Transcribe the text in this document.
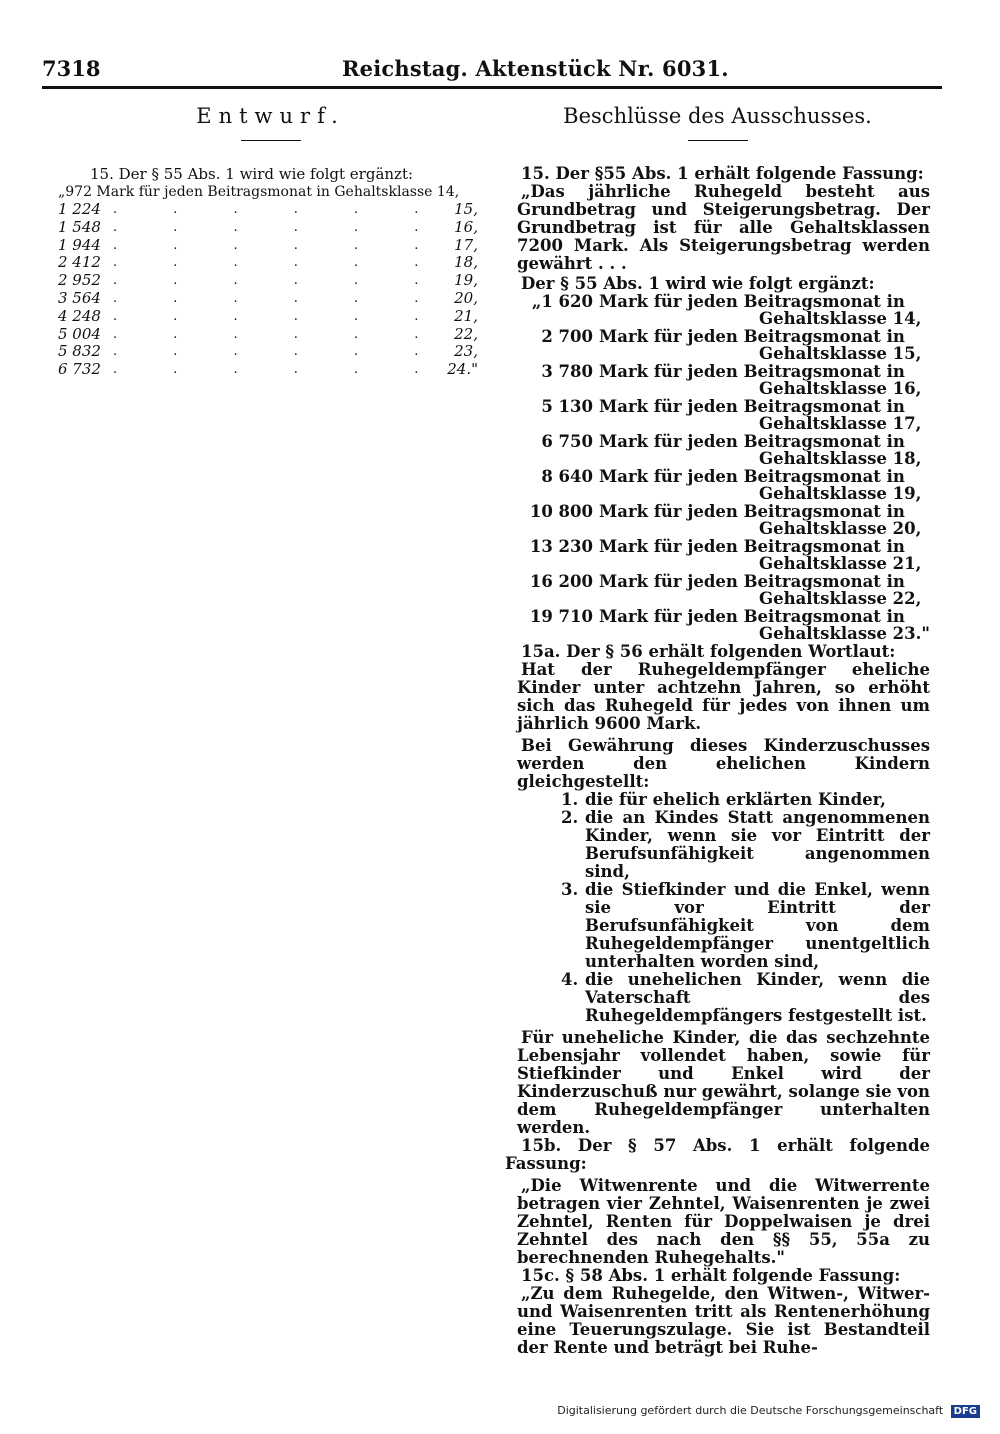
7318	Reichstag. Aktenstück Nr. 6031.
Entwurf.
15. Der § 55 Abs. 1 wird wie folgt ergänzt:
„972 Mark für jeden Beitragsmonat in Gehaltsklasse 14,
1 224	. . . . . .	15,
1 548	. . . . . .	16,
1 944	. . . . . .	17,
2 412	. . . . . .	18,
2 952	. . . . . .	19,
3 564	. . . . . .	20,
4 248	. . . . . .	21,
5 004	. . . . . .	22,
5 832	. . . . . .	23,
6 732	. . . . . .	24."
Beschlüsse des Ausschusses.

15. Der §55 Abs. 1 erhält folgende Fassung:

„Das jährliche Ruhegeld besteht aus Grundbetrag und Steigerungsbetrag. Der Grundbetrag ist für alle Gehaltsklassen 7200 Mark. Als Steigerungsbetrag werden gewährt . . .

Der § 55 Abs. 1 wird wie folgt ergänzt:

„1 620 Mark für jeden Beitragsmonat in
Gehaltsklasse 14,
2 700 Mark für jeden Beitragsmonat in
Gehaltsklasse 15,
3 780 Mark für jeden Beitragsmonat in
Gehaltsklasse 16,
5 130 Mark für jeden Beitragsmonat in
Gehaltsklasse 17,
6 750 Mark für jeden Beitragsmonat in
Gehaltsklasse 18,
8 640 Mark für jeden Beitragsmonat in
Gehaltsklasse 19,
10 800 Mark für jeden Beitragsmonat in
Gehaltsklasse 20,
13 230 Mark für jeden Beitragsmonat in
Gehaltsklasse 21,
16 200 Mark für jeden Beitragsmonat in
Gehaltsklasse 22,
19 710 Mark für jeden Beitragsmonat in
Gehaltsklasse 23."

15a. Der § 56 erhält folgenden Wortlaut:

Hat der Ruhegeldempfänger eheliche Kinder unter achtzehn Jahren, so erhöht sich das Ruhegeld für jedes von ihnen um jährlich 9600 Mark.

Bei Gewährung dieses Kinderzuschusses werden den ehelichen Kindern gleichgestellt:

1. die für ehelich erklärten Kinder,
2. die an Kindes Statt angenommenen Kinder, wenn sie vor Eintritt der Berufsunfähigkeit angenommen sind,
3. die Stiefkinder und die Enkel, wenn sie vor Eintritt der Berufsunfähigkeit von dem Ruhegeldempfänger unentgeltlich unterhalten worden sind,
4. die unehelichen Kinder, wenn die Vaterschaft des Ruhegeldempfängers festgestellt ist.

Für uneheliche Kinder, die das sechzehnte Lebensjahr vollendet haben, sowie für Stiefkinder und Enkel wird der Kinderzuschuß nur gewährt, solange sie von dem Ruhegeldempfänger unterhalten werden.

15b. Der § 57 Abs. 1 erhält folgende Fassung:

„Die Witwenrente und die Witwerrente betragen vier Zehntel, Waisenrenten je zwei Zehntel, Renten für Doppelwaisen je drei Zehntel des nach den §§ 55, 55a zu berechnenden Ruhegehalts."

15c. § 58 Abs. 1 erhält folgende Fassung:

„Zu dem Ruhegelde, den Witwen-, Witwer- und Waisenrenten tritt als Rentenerhöhung eine Teuerungszulage. Sie ist Bestandteil der Rente und beträgt bei Ruhe-

Digitalisierung gefördert durch die Deutsche Forschungsgemeinschaft DFG
